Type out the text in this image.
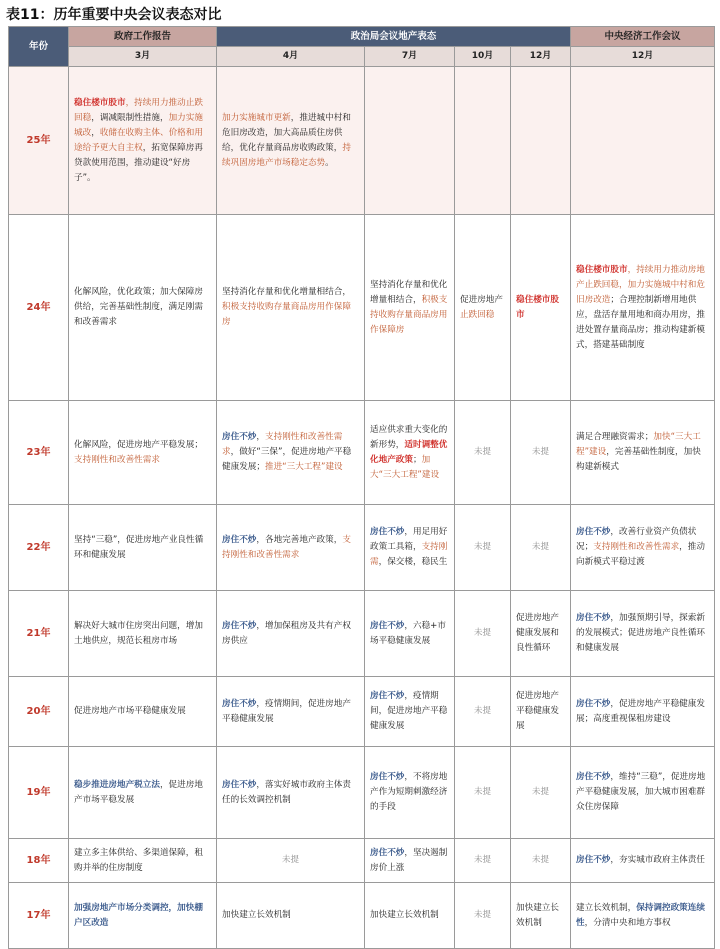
表11：历年重要中央会议表态对比
年份	政府工作报告	政治局会议地产表态				中央经济工作会议
	3月	4月	7月	10月	12月	12月
25年	稳住楼市股市，持续用力推动止跌回稳，调减限制性措施，加力实施城改，收储在收购主体、价格和用途给予更大自主权，拓宽保障房再贷款使用范围，推动建设“好房子”。	加力实施城市更新，推进城中村和危旧房改造，加大高品质住房供给，优化存量商品房收购政策，持续巩固房地产市场稳定态势。				
24年	化解风险，优化政策；加大保障房供给，完善基础性制度，满足刚需和改善需求	坚持消化存量和优化增量相结合，积极支持收购存量商品房用作保障房	坚持消化存量和优化增量相结合，积极支持收购存量商品房用作保障房	促进房地产止跌回稳	稳住楼市股市	稳住楼市股市，持续用力推动房地产止跌回稳，加力实施城中村和危旧房改造；合理控制新增用地供应，盘活存量用地和商办用房，推进处置存量商品房；推动构建新模式，搭建基础制度
23年	化解风险，促进房地产平稳发展；支持刚性和改善性需求	房住不炒，支持刚性和改善性需求，做好“三保”，促进房地产平稳健康发展；推进“三大工程”建设	适应供求重大变化的新形势，适时调整优化地产政策；加大“三大工程”建设	未提	未提	满足合理融资需求；加快“三大工程”建设，完善基础性制度，加快构建新模式
22年	坚持“三稳”，促进房地产业良性循环和健康发展	房住不炒，各地完善地产政策，支持刚性和改善性需求	房住不炒，用足用好政策工具箱，支持刚需，保交楼，稳民生	未提	未提	房住不炒，改善行业资产负债状况；支持刚性和改善性需求，推动向新模式平稳过渡
21年	解决好大城市住房突出问题，增加土地供应，规范长租房市场	房住不炒，增加保租房及共有产权房供应	房住不炒，六稳+市场平稳健康发展	未提	促进房地产健康发展和良性循环	房住不炒，加强预期引导，探索新的发展模式；促进房地产良性循环和健康发展
20年	促进房地产市场平稳健康发展	房住不炒，疫情期间，促进房地产平稳健康发展	房住不炒，疫情期间，促进房地产平稳健康发展	未提	促进房地产平稳健康发展	房住不炒，促进房地产平稳健康发展；高度重视保租房建设
19年	稳步推进房地产税立法，促进房地产市场平稳发展	房住不炒，落实好城市政府主体责任的长效调控机制	房住不炒，不将房地产作为短期刺激经济的手段	未提	未提	房住不炒，维持“三稳”，促进房地产平稳健康发展，加大城市困难群众住房保障
18年	建立多主体供给、多渠道保障，租购并举的住房制度	未提	房住不炒，坚决遏制房价上涨	未提	未提	房住不炒，夯实城市政府主体责任
17年	加强房地产市场分类调控，加快棚户区改造	加快建立长效机制	加快建立长效机制	未提	加快建立长效机制	建立长效机制，保持调控政策连续性，分清中央和地方事权
